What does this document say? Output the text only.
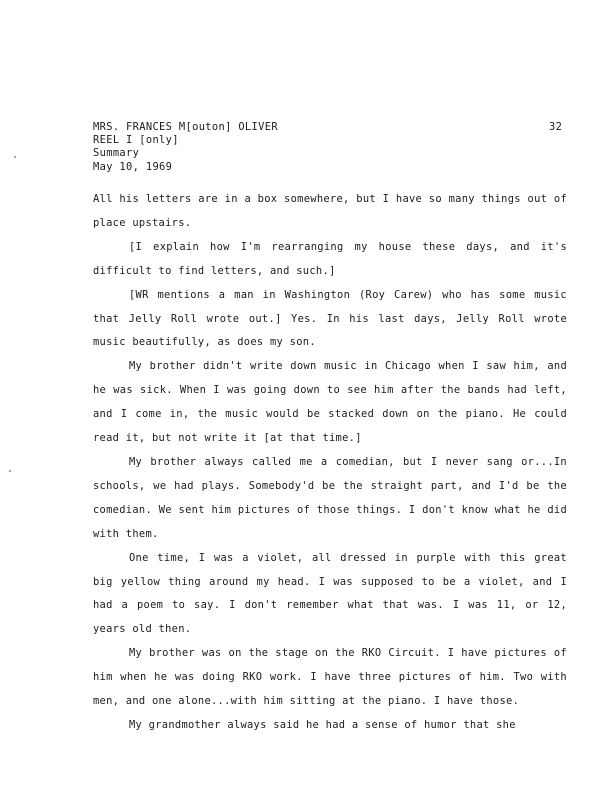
MRS. FRANCES M[outon] OLIVER
REEL I [only]
Summary
May 10, 1969
32

All his letters are in a box somewhere, but I have so many things out of place upstairs.

[I explain how I'm rearranging my house these days, and it's difficult to find letters, and such.]

[WR mentions a man in Washington (Roy Carew) who has some music that Jelly Roll wrote out.] Yes. In his last days, Jelly Roll wrote music beautifully, as does my son.

My brother didn't write down music in Chicago when I saw him, and he was sick. When I was going down to see him after the bands had left, and I come in, the music would be stacked down on the piano. He could read it, but not write it [at that time.]

My brother always called me a comedian, but I never sang or...In schools, we had plays. Somebody'd be the straight part, and I'd be the comedian. We sent him pictures of those things. I don't know what he did with them.

One time, I was a violet, all dressed in purple with this great big yellow thing around my head. I was supposed to be a violet, and I had a poem to say. I don't remember what that was. I was 11, or 12, years old then.

My brother was on the stage on the RKO Circuit. I have pictures of him when he was doing RKO work. I have three pictures of him. Two with men, and one alone...with him sitting at the piano. I have those.

My grandmother always said he had a sense of humor that she
